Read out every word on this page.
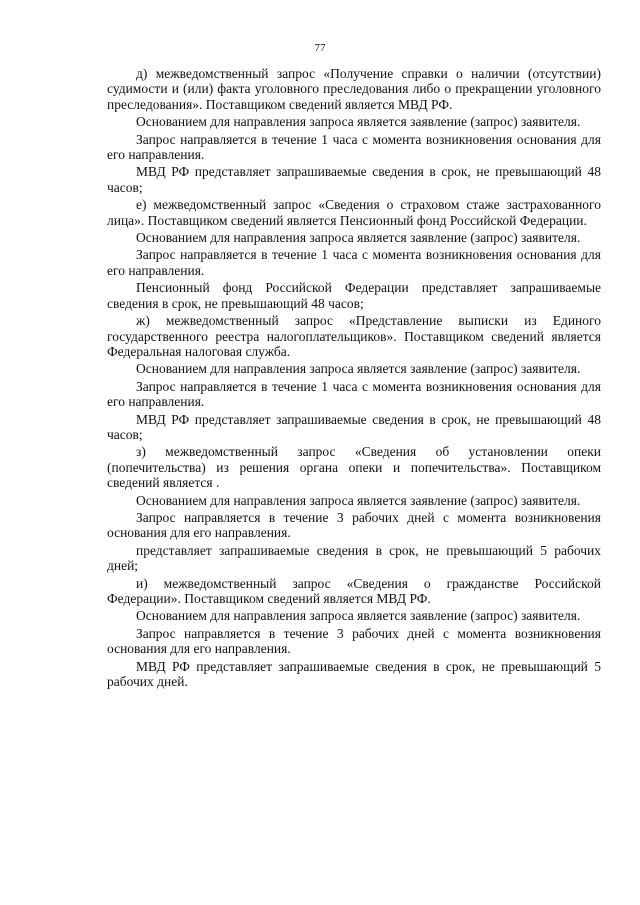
77

д) межведомственный запрос «Получение справки о наличии (отсутствии) судимости и (или) факта уголовного преследования либо о прекращении уголовного преследования». Поставщиком сведений является МВД РФ.

Основанием для направления запроса является заявление (запрос) заявителя.

Запрос направляется в течение 1 часа с момента возникновения основания для его направления.

МВД РФ представляет запрашиваемые сведения в срок, не превышающий 48 часов;

е) межведомственный запрос «Сведения о страховом стаже застрахованного лица». Поставщиком сведений является Пенсионный фонд Российской Федерации.

Основанием для направления запроса является заявление (запрос) заявителя.

Запрос направляется в течение 1 часа с момента возникновения основания для его направления.

Пенсионный фонд Российской Федерации представляет запрашиваемые сведения в срок, не превышающий 48 часов;

ж) межведомственный запрос «Представление выписки из Единого государственного реестра налогоплательщиков». Поставщиком сведений является Федеральная налоговая служба.

Основанием для направления запроса является заявление (запрос) заявителя.

Запрос направляется в течение 1 часа с момента возникновения основания для его направления.

МВД РФ представляет запрашиваемые сведения в срок, не превышающий 48 часов;

з) межведомственный запрос «Сведения об установлении опеки (попечительства) из решения органа опеки и попечительства». Поставщиком сведений является .

Основанием для направления запроса является заявление (запрос) заявителя.

Запрос направляется в течение 3 рабочих дней с момента возникновения основания для его направления.

представляет запрашиваемые сведения в срок, не превышающий 5 рабочих дней;

и) межведомственный запрос «Сведения о гражданстве Российской Федерации». Поставщиком сведений является МВД РФ.

Основанием для направления запроса является заявление (запрос) заявителя.

Запрос направляется в течение 3 рабочих дней с момента возникновения основания для его направления.

МВД РФ представляет запрашиваемые сведения в срок, не превышающий 5 рабочих дней.
